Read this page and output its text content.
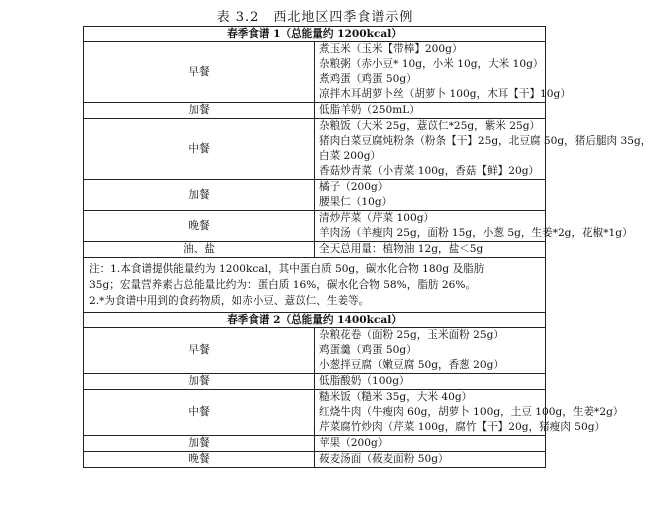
表 3.2　西北地区四季食谱示例
春季食谱 1（总能量约 1200kcal）	
早餐	煮玉米（玉米【带棒】200g）
杂粮粥（赤小豆* 10g，小米 10g，大米 10g）
煮鸡蛋（鸡蛋 50g）
凉拌木耳胡萝卜丝（胡萝卜 100g，木耳【干】10g）

加餐	低脂羊奶（250mL）

中餐	杂粮饭（大米 25g，薏苡仁*25g，紫米 25g）
猪肉白菜豆腐炖粉条（粉条【干】25g，北豆腐 50g，猪后腿肉 35g，
白菜 200g）
香菇炒青菜（小青菜 100g，香菇【鲜】20g）

加餐	橘子（200g）
腰果仁（10g）

晚餐	清炒芹菜（芹菜 100g）
羊肉汤（羊瘦肉 25g，面粉 15g，小葱 5g，生姜*2g，花椒*1g）

油、盐	全天总用量：植物油 12g，盐＜5g

注：1.本食谱提供能量约为 1200kcal，其中蛋白质 50g，碳水化合物 180g 及脂肪
35g；宏量营养素占总能量比约为：蛋白质 16%，碳水化合物 58%，脂肪 26%。
2.*为食谱中用到的食药物质，如赤小豆、薏苡仁、生姜等。	

春季食谱 2（总能量约 1400kcal）	
早餐	杂粮花卷（面粉 25g，玉米面粉 25g）
鸡蛋羹（鸡蛋 50g）
小葱拌豆腐（嫩豆腐 50g，香葱 20g）

加餐	低脂酸奶（100g）

中餐	糙米饭（糙米 35g，大米 40g）
红烧牛肉（牛瘦肉 60g，胡萝卜 100g，土豆 100g，生姜*2g）
芹菜腐竹炒肉（芹菜 100g，腐竹【干】20g，猪瘦肉 50g）

加餐	苹果（200g）

晚餐	莜麦汤面（莜麦面粉 50g）
